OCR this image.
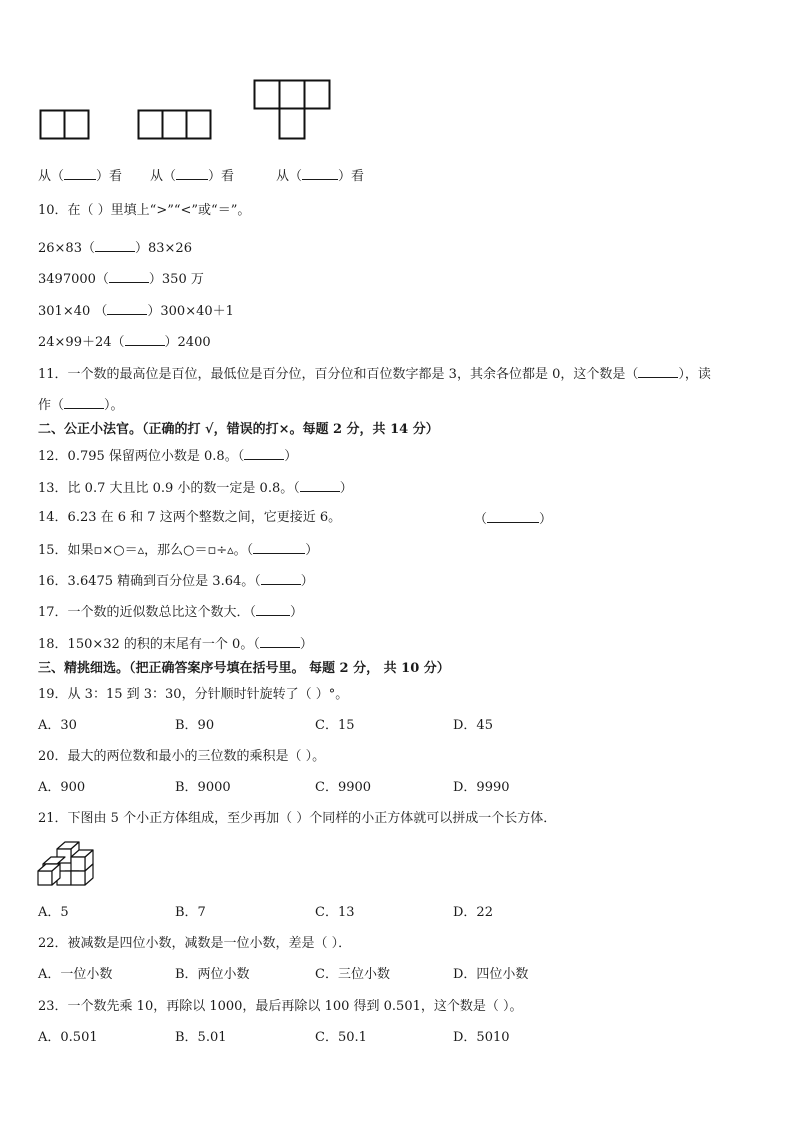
从（ ）看 从（ ）看	从（	）看
10．在（ ）里填上“>”“<”或“＝”。
26×83（	）83×26
3497000（	）350 万
301×40 （	）300×40＋1
24×99＋24（	）2400
11．一个数的最高位是百位，最低位是百分位，百分位和百位数字都是 3，其余各位都是 0，这个数是（	），读
作（	）。
二、公正小法官。（正确的打 √，错误的打×。每题 2 分，共 14 分）
12．0.795 保留两位小数是 0.8。（	）
13．比 0.7 大且比 0.9 小的数一定是 0.8。（	）
14．6.23 在 6 和 7 这两个整数之间，它更接近 6。	（	）
15．如果▫×○＝▵，那么○＝▫÷▵。（	）
16．3.6475 精确到百分位是 3.64。（	）
17．一个数的近似数总比这个数大．（	）
18．150×32 的积的末尾有一个 0。（	）
三、精挑细选。（把正确答案序号填在括号里。 每题 2 分， 共 10 分）
19．从 3：15 到 3：30，分针顺时针旋转了（ ）°。
A．30	B．90	C．15	D．45
20．最大的两位数和最小的三位数的乘积是（ ）。
A．900	B．9000	C．9900	D．9990
21．下图由 5 个小正方体组成，至少再加（ ）个同样的小正方体就可以拼成一个长方体．
A．5	B．7	C．13	D．22
22．被减数是四位小数，减数是一位小数，差是（ ）．
A．一位小数	B．两位小数	C．三位小数	D．四位小数
23．一个数先乘 10，再除以 1000，最后再除以 100 得到 0.501，这个数是（ ）。
A．0.501	B．5.01	C．50.1	D．5010
